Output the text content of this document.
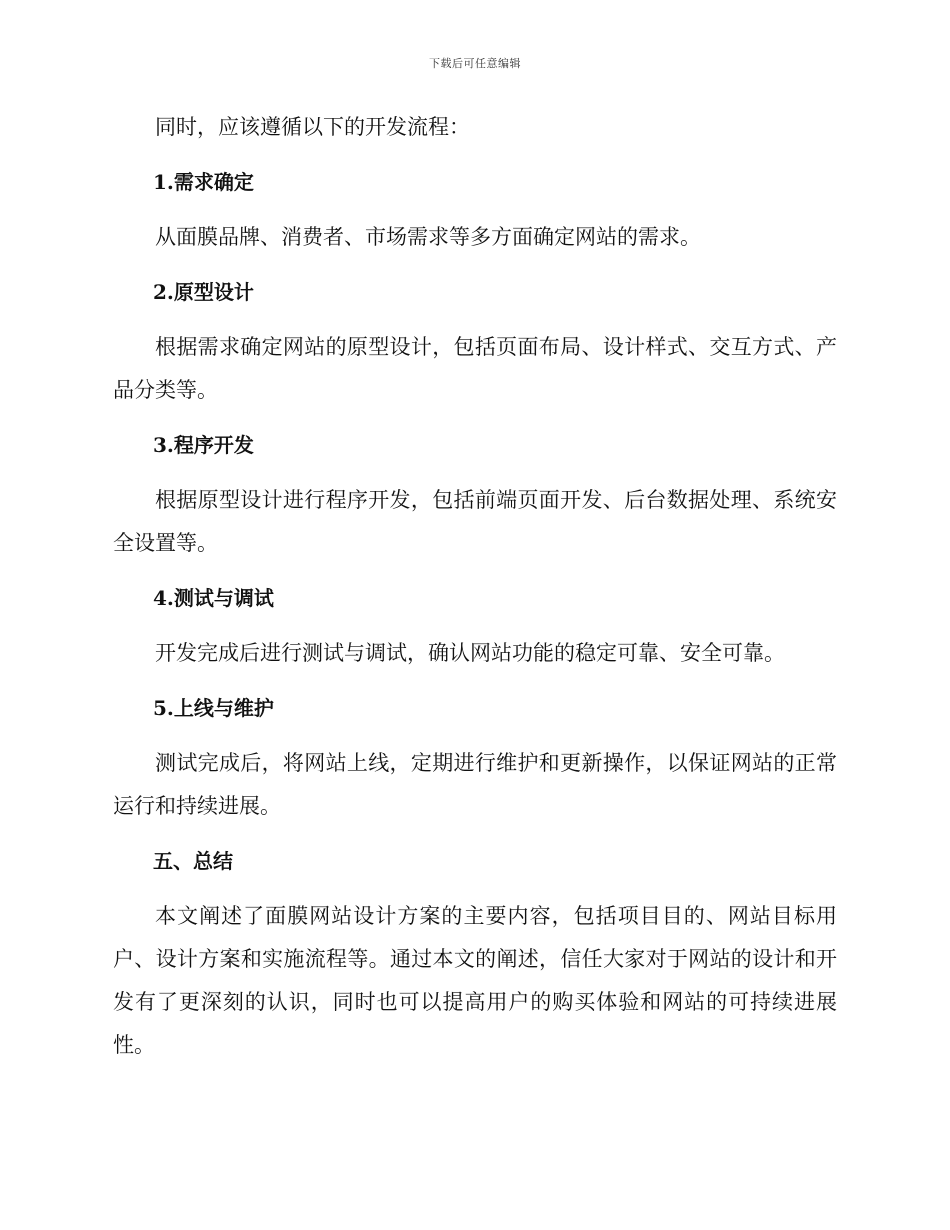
下载后可任意编辑

同时，应该遵循以下的开发流程：

1.需求确定

从面膜品牌、消费者、市场需求等多方面确定网站的需求。

2.原型设计

根据需求确定网站的原型设计，包括页面布局、设计样式、交互方式、产品分类等。

3.程序开发

根据原型设计进行程序开发，包括前端页面开发、后台数据处理、系统安全设置等。

4.测试与调试

开发完成后进行测试与调试，确认网站功能的稳定可靠、安全可靠。

5.上线与维护

测试完成后，将网站上线，定期进行维护和更新操作，以保证网站的正常运行和持续进展。

五、总结

本文阐述了面膜网站设计方案的主要内容，包括项目目的、网站目标用户、设计方案和实施流程等。通过本文的阐述，信任大家对于网站的设计和开发有了更深刻的认识，同时也可以提高用户的购买体验和网站的可持续进展性。
